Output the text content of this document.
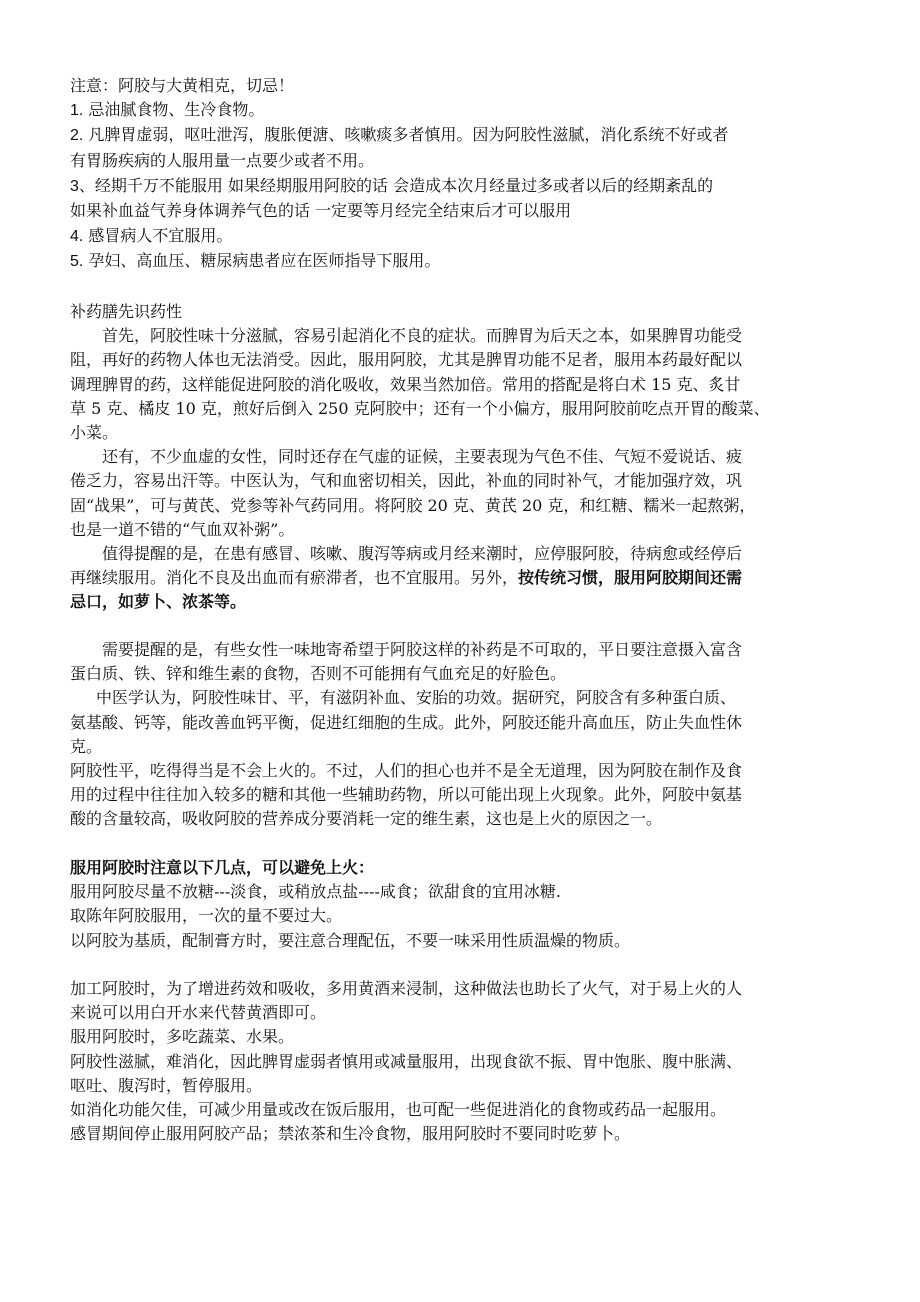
注意：阿胶与大黄相克，切忌！

1. 忌油腻食物、生冷食物。

2. 凡脾胃虚弱，呕吐泄泻，腹胀便溏、咳嗽痰多者慎用。因为阿胶性滋腻，消化系统不好或者

有胃肠疾病的人服用量一点要少或者不用。

3、经期千万不能服用 如果经期服用阿胶的话 会造成本次月经量过多或者以后的经期紊乱的

如果补血益气养身体调养气色的话 一定要等月经完全结束后才可以服用

4. 感冒病人不宜服用。

5. 孕妇、高血压、糖尿病患者应在医师指导下服用。

补药膳先识药性

首先，阿胶性味十分滋腻，容易引起消化不良的症状。而脾胃为后天之本，如果脾胃功能受

阻，再好的药物人体也无法消受。因此，服用阿胶，尤其是脾胃功能不足者，服用本药最好配以

调理脾胃的药，这样能促进阿胶的消化吸收，效果当然加倍。常用的搭配是将白术 15 克、炙甘

草 5 克、橘皮 10 克，煎好后倒入 250 克阿胶中；还有一个小偏方，服用阿胶前吃点开胃的酸菜、

小菜。

还有，不少血虚的女性，同时还存在气虚的证候，主要表现为气色不佳、气短不爱说话、疲

倦乏力，容易出汗等。中医认为，气和血密切相关，因此，补血的同时补气，才能加强疗效，巩

固“战果”，可与黄芪、党参等补气药同用。将阿胶 20 克、黄芪 20 克，和红糖、糯米一起熬粥，

也是一道不错的“气血双补粥”。

值得提醒的是，在患有感冒、咳嗽、腹泻等病或月经来潮时，应停服阿胶，待病愈或经停后

再继续服用。消化不良及出血而有瘀滞者，也不宜服用。另外，按传统习惯，服用阿胶期间还需

忌口，如萝卜、浓茶等。

需要提醒的是，有些女性一味地寄希望于阿胶这样的补药是不可取的，平日要注意摄入富含

蛋白质、铁、锌和维生素的食物，否则不可能拥有气血充足的好脸色。

中医学认为，阿胶性味甘、平，有滋阴补血、安胎的功效。据研究，阿胶含有多种蛋白质、

氨基酸、钙等，能改善血钙平衡，促进红细胞的生成。此外，阿胶还能升高血压，防止失血性休

克。

阿胶性平，吃得得当是不会上火的。不过，人们的担心也并不是全无道理，因为阿胶在制作及食

用的过程中往往加入较多的糖和其他一些辅助药物，所以可能出现上火现象。此外，阿胶中氨基

酸的含量较高，吸收阿胶的营养成分要消耗一定的维生素，这也是上火的原因之一。

服用阿胶时注意以下几点，可以避免上火：

服用阿胶尽量不放糖---淡食，或稍放点盐----咸食；欲甜食的宜用冰糖.

取陈年阿胶服用，一次的量不要过大。

以阿胶为基质，配制膏方时，要注意合理配伍，不要一味采用性质温燥的物质。

加工阿胶时，为了增进药效和吸收，多用黄酒来浸制，这种做法也助长了火气，对于易上火的人

来说可以用白开水来代替黄酒即可。

服用阿胶时，多吃蔬菜、水果。

阿胶性滋腻，难消化，因此脾胃虚弱者慎用或减量服用，出现食欲不振、胃中饱胀、腹中胀满、

呕吐、腹泻时，暂停服用。

如消化功能欠佳，可减少用量或改在饭后服用，也可配一些促进消化的食物或药品一起服用。

感冒期间停止服用阿胶产品；禁浓茶和生冷食物，服用阿胶时不要同时吃萝卜。
